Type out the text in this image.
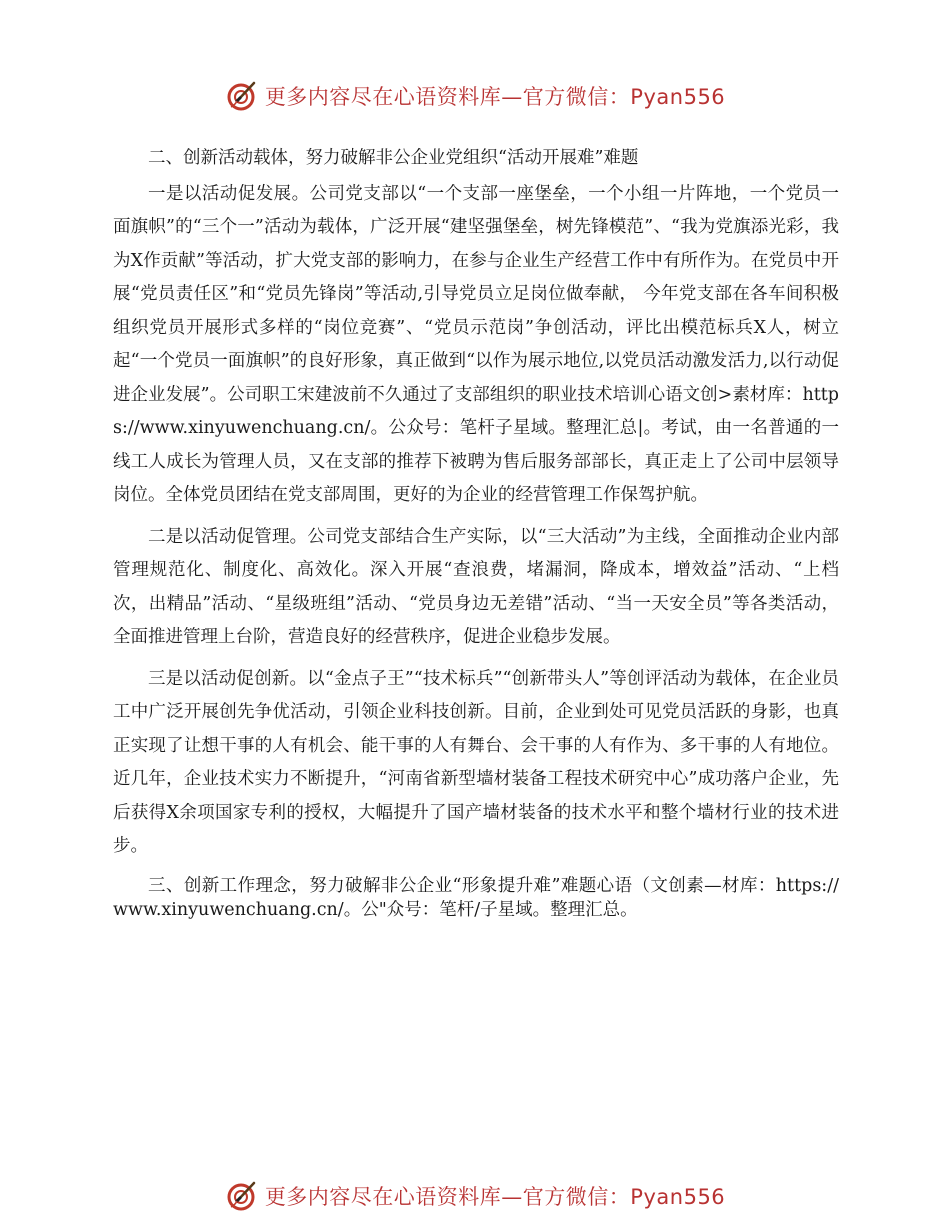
更多内容尽在心语资料库—官方微信：Pyan556

二、创新活动载体，努力破解非公企业党组织“活动开展难”难题

一是以活动促发展。公司党支部以“一个支部一座堡垒，一个小组一片阵地，一个党员一面旗帜”的“三个一”活动为载体，广泛开展“建坚强堡垒，树先锋模范”、“我为党旗添光彩，我为X作贡献”等活动，扩大党支部的影响力，在参与企业生产经营工作中有所作为。在党员中开展“党员责任区”和“党员先锋岗”等活动,引导党员立足岗位做奉献， 今年党支部在各车间积极组织党员开展形式多样的“岗位竞赛”、“党员示范岗”争创活动，评比出模范标兵X人，树立起“一个党员一面旗帜”的良好形象，真正做到“以作为展示地位,以党员活动激发活力,以行动促进企业发展”。公司职工宋建波前不久通过了支部组织的职业技术培训心语文创>素材库：https://www.xinyuwenchuang.cn/。公众号：笔杆子星域。整理汇总|。考试，由一名普通的一线工人成长为管理人员，又在支部的推荐下被聘为售后服务部部长，真正走上了公司中层领导岗位。全体党员团结在党支部周围，更好的为企业的经营管理工作保驾护航。

二是以活动促管理。公司党支部结合生产实际，以“三大活动”为主线，全面推动企业内部管理规范化、制度化、高效化。深入开展“查浪费，堵漏洞，降成本，增效益”活动、“上档次，出精品”活动、“星级班组”活动、“党员身边无差错”活动、“当一天安全员”等各类活动，全面推进管理上台阶，营造良好的经营秩序，促进企业稳步发展。

三是以活动促创新。以“金点子王”“技术标兵”“创新带头人”等创评活动为载体，在企业员工中广泛开展创先争优活动，引领企业科技创新。目前，企业到处可见党员活跃的身影，也真正实现了让想干事的人有机会、能干事的人有舞台、会干事的人有作为、多干事的人有地位。近几年，企业技术实力不断提升，“河南省新型墙材装备工程技术研究中心”成功落户企业，先后获得X余项国家专利的授权，大幅提升了国产墙材装备的技术水平和整个墙材行业的技术进步。

三、创新工作理念，努力破解非公企业“形象提升难”难题心语（文创素—材库：https://www.xinyuwenchuang.cn/。公"众号：笔杆/子星域。整理汇总。

更多内容尽在心语资料库—官方微信：Pyan556
